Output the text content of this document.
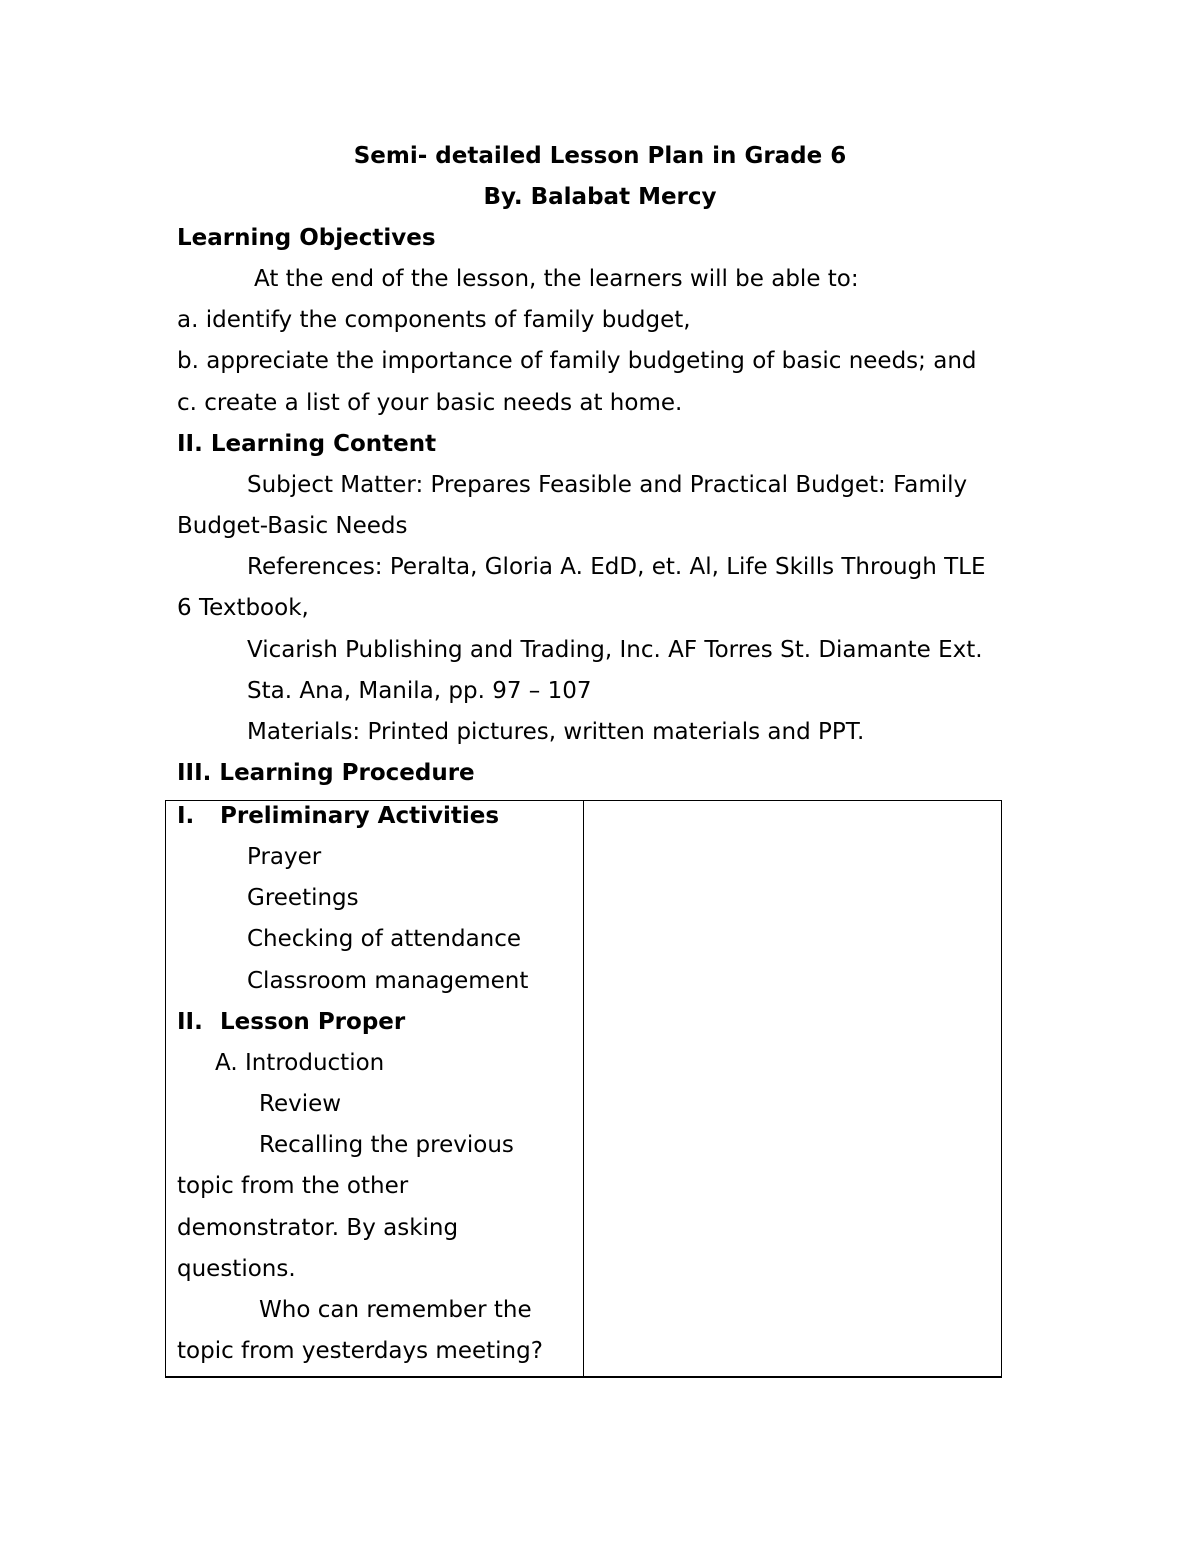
Semi- detailed Lesson Plan in Grade 6
By. Balabat Mercy
Learning Objectives
At the end of the lesson, the learners will be able to:
a. identify the components of family budget,
b. appreciate the importance of family budgeting of basic needs; and
c. create a list of your basic needs at home.
II. Learning Content
Subject Matter: Prepares Feasible and Practical Budget: Family
Budget-Basic Needs
References: Peralta, Gloria A. EdD, et. Al, Life Skills Through TLE
6 Textbook,
Vicarish Publishing and Trading, Inc. AF Torres St. Diamante Ext.
Sta. Ana, Manila, pp. 97 – 107
Materials: Printed pictures, written materials and PPT.
III. Learning Procedure
I. Preliminary Activities
Prayer
Greetings
Checking of attendance
Classroom management
II. Lesson Proper
A. Introduction
Review
Recalling the previous
topic from the other
demonstrator. By asking
questions.
Who can remember the
topic from yesterdays meeting?
